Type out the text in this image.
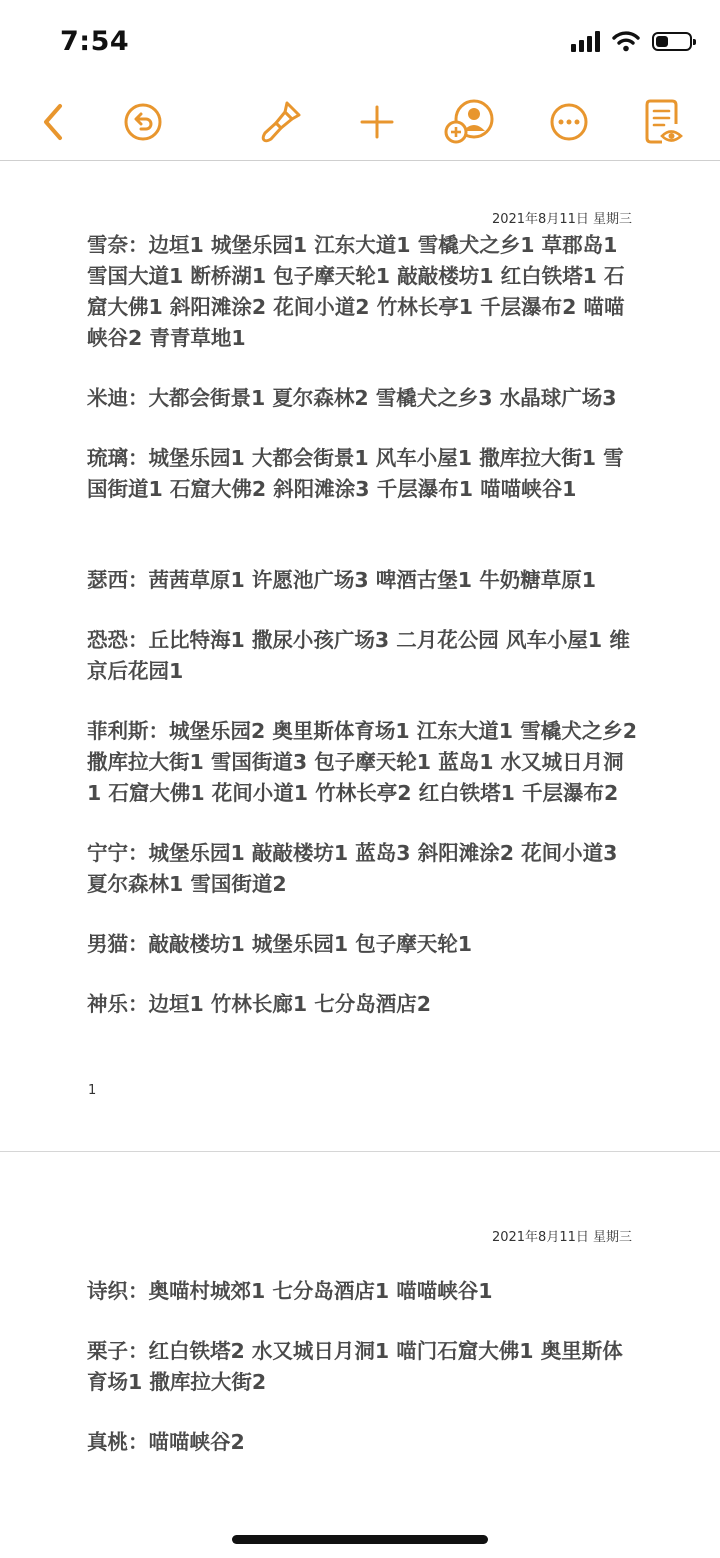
7:54
2021年8月11日 星期三

雪奈：边垣1 城堡乐园1 江东大道1 雪橇犬之乡1 草郡岛1 雪国大道1 断桥湖1 包子摩天轮1 敲敲楼坊1 红白铁塔1 石窟大佛1 斜阳滩涂2 花间小道2 竹林长亭1 千层瀑布2 喵喵峡谷2 青青草地1

米迪：大都会街景1 夏尔森林2 雪橇犬之乡3 水晶球广场3

琉璃：城堡乐园1 大都会街景1 风车小屋1 撒库拉大街1 雪国街道1 石窟大佛2 斜阳滩涂3 千层瀑布1 喵喵峡谷1

瑟西：茜茜草原1 许愿池广场3 啤酒古堡1 牛奶糖草原1

恐恐：丘比特海1 撒尿小孩广场3 二月花公园 风车小屋1 维京后花园1

菲利斯：城堡乐园2 奥里斯体育场1 江东大道1 雪橇犬之乡2 撒库拉大街1 雪国街道3 包子摩天轮1 蓝岛1 水又城日月洞1 石窟大佛1 花间小道1 竹林长亭2 红白铁塔1 千层瀑布2

宁宁：城堡乐园1 敲敲楼坊1 蓝岛3 斜阳滩涂2 花间小道3 夏尔森林1 雪国街道2

男猫：敲敲楼坊1 城堡乐园1 包子摩天轮1

神乐：边垣1 竹林长廊1 七分岛酒店2

1
2021年8月11日 星期三

诗织：奥喵村城郊1 七分岛酒店1 喵喵峡谷1

栗子：红白铁塔2 水又城日月洞1 喵门石窟大佛1 奥里斯体育场1 撒库拉大街2

真桃：喵喵峡谷2
